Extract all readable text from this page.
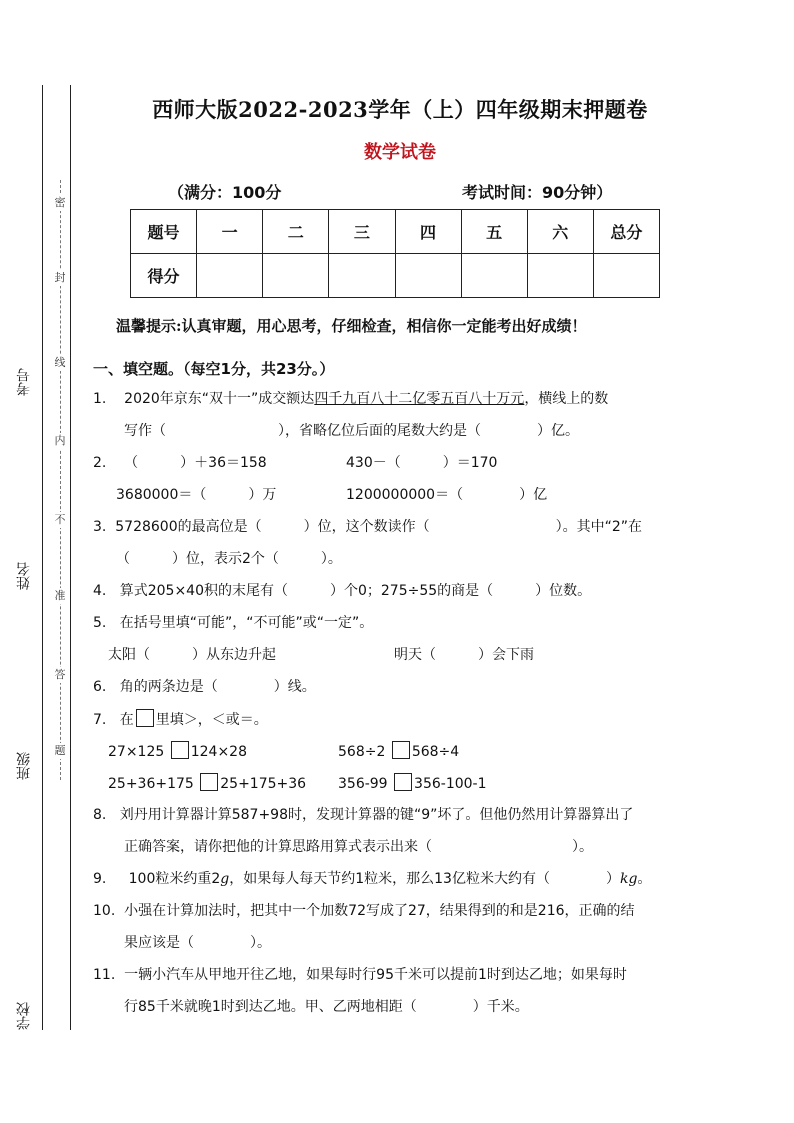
考号
姓名
班级
学校
密
封
线
内
不
准
答
题
西师大版2022-2023学年（上）四年级期末押题卷
数学试卷
（满分：100分	考试时间：90分钟）
题号	一	二	三	四	五	六	总分
得分							
温馨提示:认真审题，用心思考，仔细检查，相信你一定能考出好成绩！
一、填空题。（每空1分，共23分。）
1. 2020年京东“双十一”成交额达四千九百八十二亿零五百八十万元，横线上的数
写作（　　　　　　　　），省略亿位后面的尾数大约是（　　　　）亿。
2. （　　　）＋36＝158	430－（　　　）＝170
3680000＝（　　　）万	1200000000＝（　　　　）亿
3. 5728600的最高位是（　　　）位，这个数读作（　　　　　　　　　）。其中“2”在
（　　　）位，表示2个（　　　）。
4. 算式205×40积的末尾有（　　　）个0；275÷55的商是（　　　）位数。
5. 在括号里填“可能”，“不可能”或“一定”。
太阳（　　　）从东边升起	明天（　　　）会下雨
6. 角的两条边是（　　　　）线。
7. 在 里填＞，＜或＝。
27×125 124×28	568÷2 568÷4
25+36+175 25+175+36 356-99 356-100-1
8. 刘丹用计算器计算587+98时，发现计算器的键“9”坏了。但他仍然用计算器算出了
正确答案，请你把他的计算思路用算式表示出来（　　　　　　　　　　）。
9. 100粒米约重2g，如果每人每天节约1粒米，那么13亿粒米大约有（　　　　）kg。
10. 小强在计算加法时，把其中一个加数72写成了27，结果得到的和是216，正确的结
果应该是（　　　　）。
11. 一辆小汽车从甲地开往乙地，如果每时行95千米可以提前1时到达乙地；如果每时
行85千米就晚1时到达乙地。甲、乙两地相距（　　　　）千米。
